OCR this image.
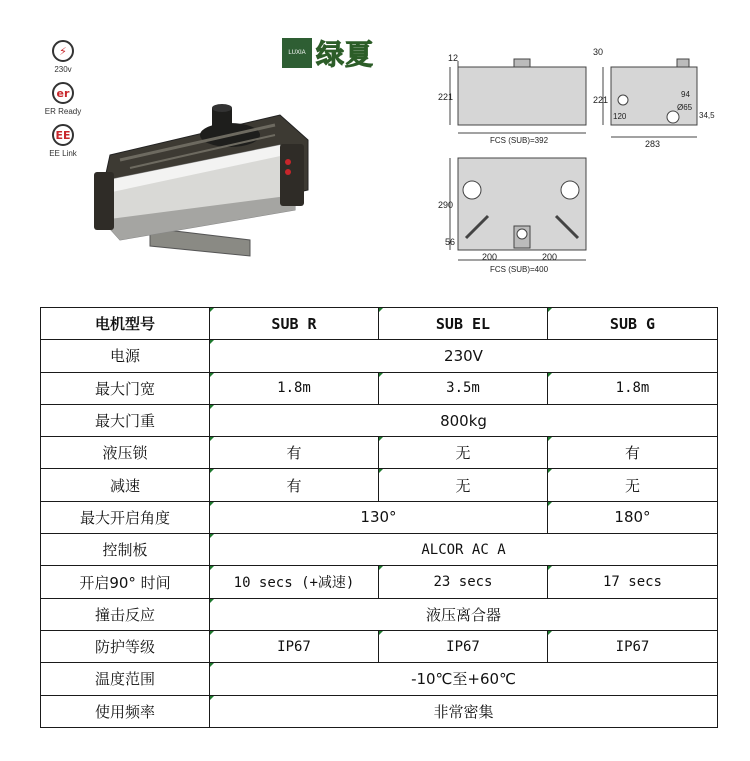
⚡
230v
er
ER Ready
EE
EE Link
LUXIA 绿夏	12
221
FCS (SUB)=392
30
221
120
94
34,5
Ø65
283
290
56
200	200
FCS (SUB)=400
电机型号	SUB R	SUB EL	SUB G
电源	230V		
最大门宽	1.8m	3.5m	1.8m
最大门重	800kg		
液压锁	有	无	有
减速	有	无	无
最大开启角度	130°		180°
控制板	ALCOR AC A		
开启90° 时间	10 secs (+减速)	23 secs	17 secs
撞击反应	液压离合器		
防护等级	IP67	IP67	IP67
温度范围	-10℃至+60℃		
使用频率	非常密集		
